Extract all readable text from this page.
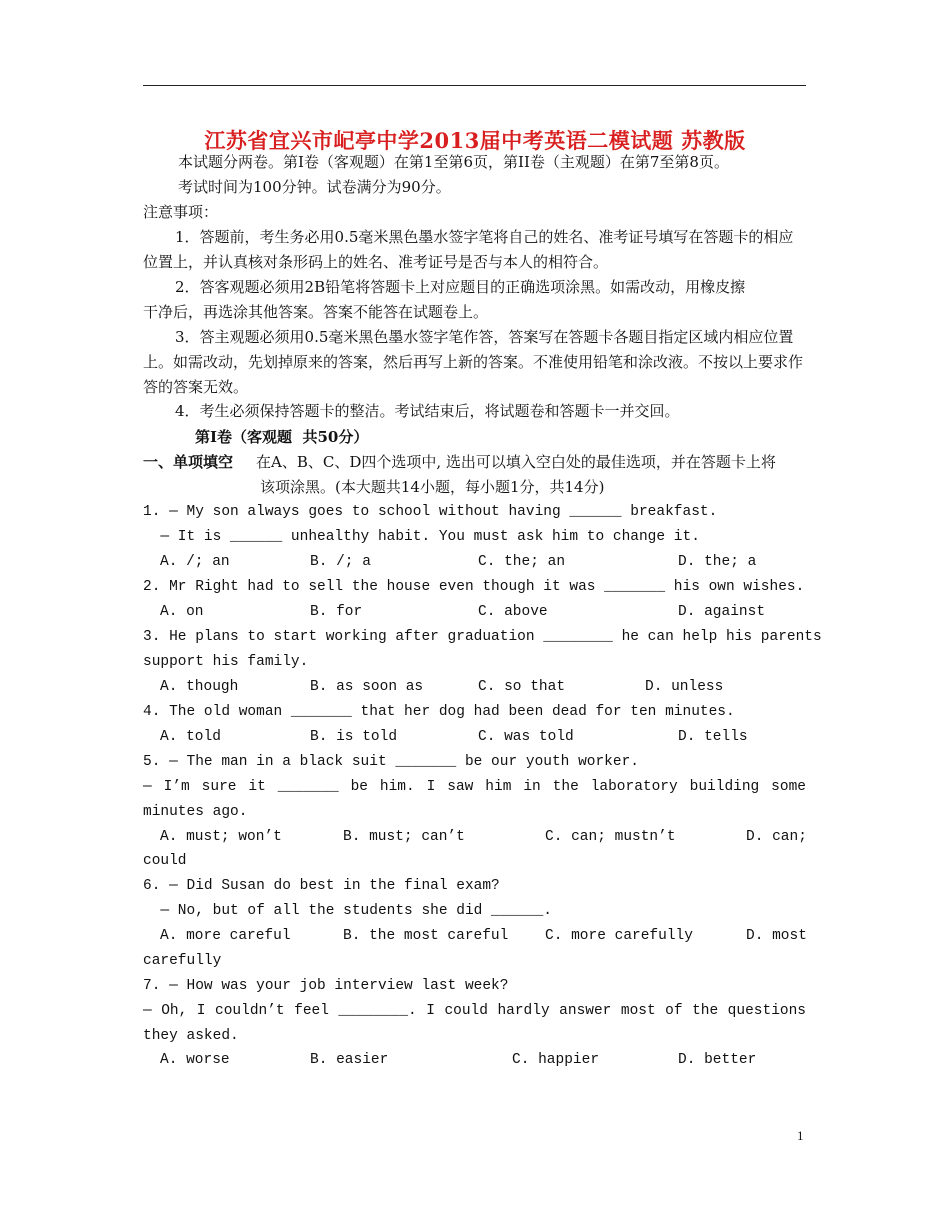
江苏省宜兴市屺亭中学2013届中考英语二模试题 苏教版
本试题分两卷。第I卷（客观题）在第1至第6页，第II卷（主观题）在第7至第8页。
考试时间为100分钟。试卷满分为90分。
注意事项：
1．答题前，考生务必用0.5毫米黑色墨水签字笔将自己的姓名、准考证号填写在答题卡的相应
位置上，并认真核对条形码上的姓名、准考证号是否与本人的相符合。
2．答客观题必须用2B铅笔将答题卡上对应题目的正确选项涂黑。如需改动，用橡皮擦
干净后，再选涂其他答案。答案不能答在试题卷上。
3．答主观题必须用0.5毫米黑色墨水签字笔作答，答案写在答题卡各题目指定区域内相应位置
上。如需改动，先划掉原来的答案，然后再写上新的答案。不准使用铅笔和涂改液。不按以上要求作
答的答案无效。
4．考生必须保持答题卡的整洁。考试结束后，将试题卷和答题卡一并交回。
第I卷（客观题  共50分）
一、单项填空 在A、B、C、D四个选项中, 选出可以填入空白处的最佳选项，并在答题卡上将
该项涂黑。(本大题共14小题，每小题1分，共14分)
1. — My son always goes to school without having ______ breakfast.
— It is ______ unhealthy habit. You must ask him to change it.
A. /; an	B. /; a	C. the; an	D. the; a
2. Mr Right had to sell the house even though it was _______ his own wishes.
A. on	B. for	C. above	D. against
3. He plans to start working after graduation ________ he can help his parents
support his family.
A. though	B. as soon as	C. so that	D. unless
4. The old woman _______ that her dog had been dead for ten minutes.
A. told	B. is told	C. was told	D. tells
5. — The man in a black suit _______ be our youth worker.
— I’m sure it _______ be him. I saw him in the laboratory building some
minutes ago.
A. must; won’t	B. must; can’t	C. can; mustn’t	D. can;
could
6. — Did Susan do best in the final exam?
— No, but of all the students she did ______.
A. more careful	B. the most careful	C. more carefully	D. most
carefully
7. — How was your job interview last week?
— Oh, I couldn’t feel ________. I could hardly answer most of the questions
they asked.
A. worse	B. easier	C. happier	D. better
1
